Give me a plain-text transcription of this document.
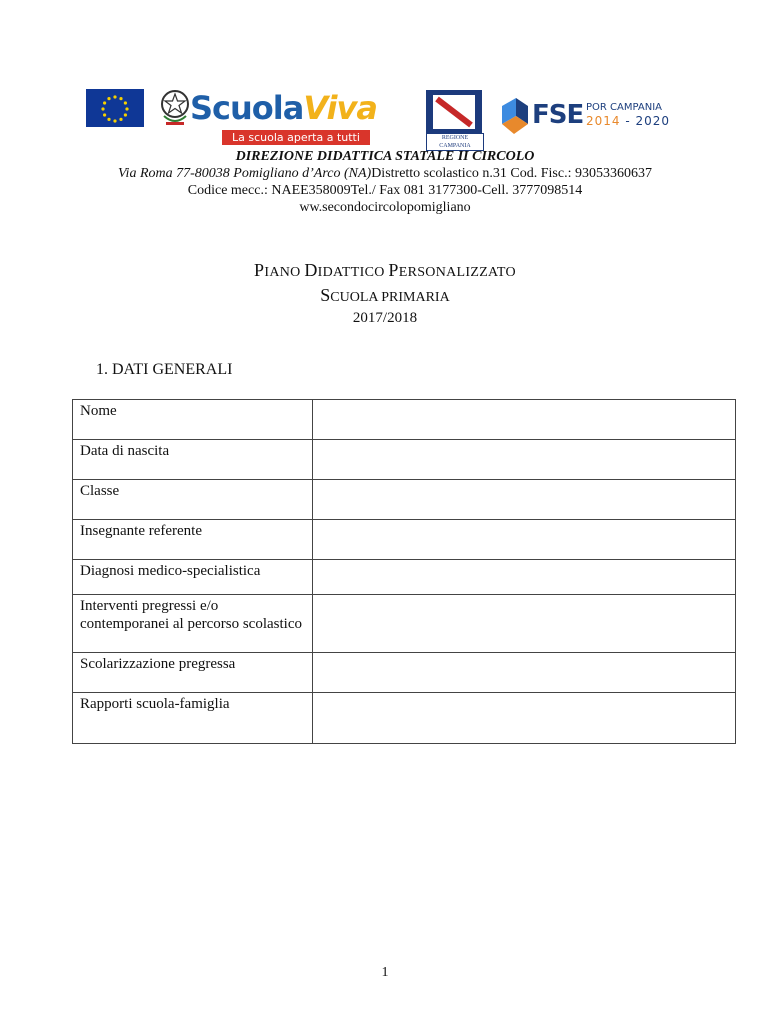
ScuolaViva
La scuola aperta a tutti	REGIONE CAMPANIA
FSE POR CAMPANIA
2014 - 2020
DIREZIONE DIDATTICA STATALE II CIRCOLO
Via Roma 77-80038 Pomigliano d’Arco (NA)Distretto scolastico n.31 Cod. Fisc.: 93053360637
Codice mecc.: NAEE358009Tel./ Fax 081 3177300-Cell. 3777098514
ww.secondocircolopomigliano
PIANO DIDATTICO PERSONALIZZATO
SCUOLA PRIMARIA
2017/2018
1. DATI GENERALI
Nome	
Data di nascita	
Classe	
Insegnante referente	
Diagnosi medico-specialistica	
Interventi pregressi e/o contemporanei al percorso scolastico	
Scolarizzazione pregressa	
Rapporti scuola-famiglia	
1
